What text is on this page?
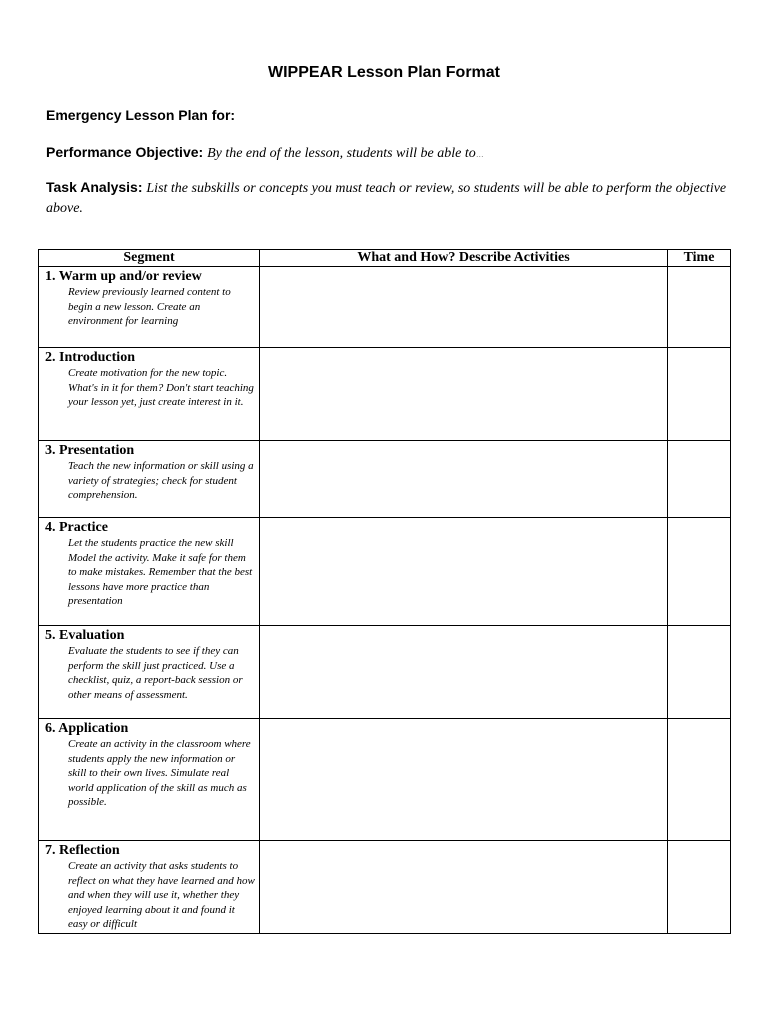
WIPPEAR Lesson Plan Format
Emergency Lesson Plan for:
Performance Objective: By the end of the lesson, students will be able to…
Task Analysis: List the subskills or concepts you must teach or review, so students will be able to perform the objective above.
Segment	What and How? Describe Activities	Time

1. Warm up and/or review
Review previously learned content to begin a new lesson. Create an environment for learning		

2. Introduction
Create motivation for the new topic. What's in it for them? Don't start teaching your lesson yet, just create interest in it.		

3. Presentation
Teach the new information or skill using a variety of strategies; check for student comprehension.		

4. Practice
Let the students practice the new skill Model the activity. Make it safe for them to make mistakes. Remember that the best lessons have more practice than presentation		

5. Evaluation
Evaluate the students to see if they can perform the skill just practiced. Use a checklist, quiz, a report-back session or other means of assessment.		

6. Application
Create an activity in the classroom where students apply the new information or skill to their own lives. Simulate real world application of the skill as much as possible.		

7. Reflection
Create an activity that asks students to reflect on what they have learned and how and when they will use it, whether they enjoyed learning about it and found it easy or difficult		
